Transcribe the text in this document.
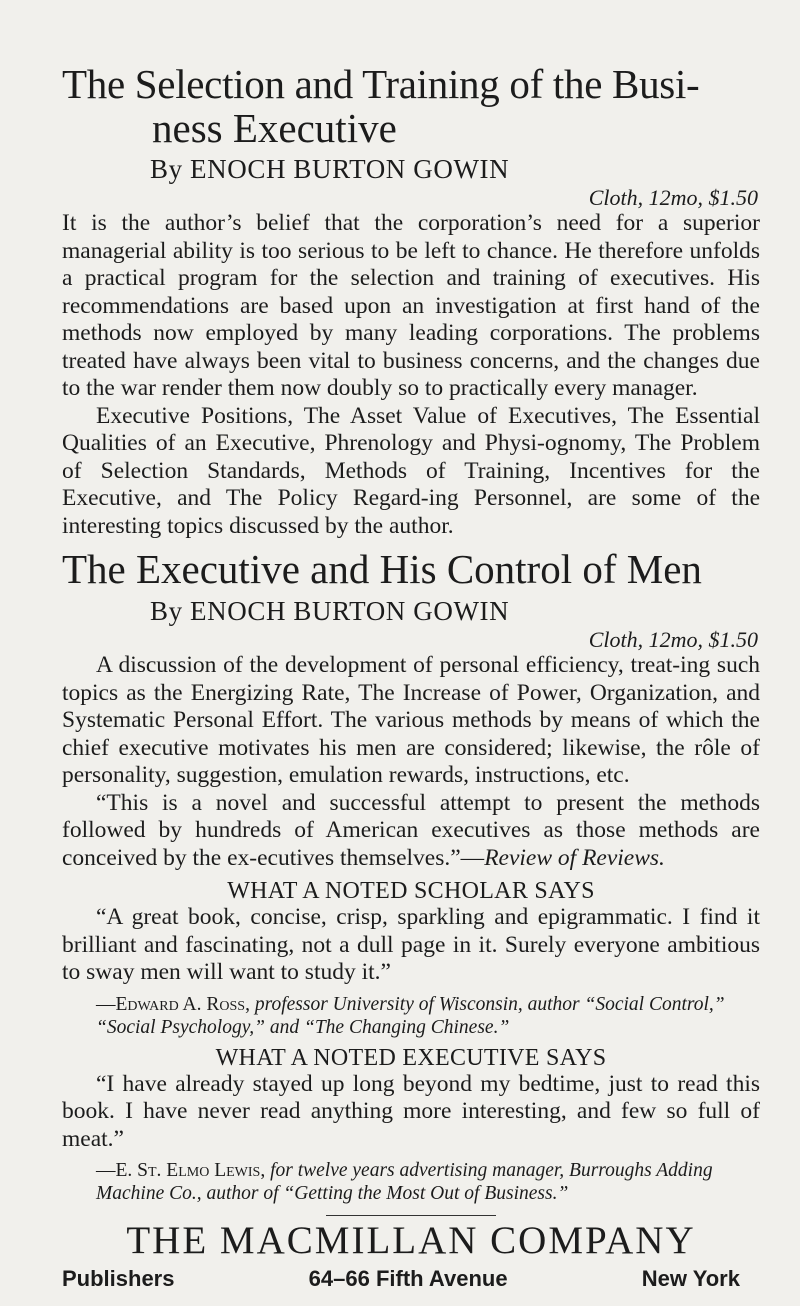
The Selection and Training of the Busi-
ness Executive
By ENOCH BURTON GOWIN
Cloth, 12mo, $1.50

It is the author’s belief that the corporation’s need for a superior managerial ability is too serious to be left to chance. He therefore unfolds a practical program for the selection and training of executives. His recommendations are based upon an investigation at first hand of the methods now employed by many leading corporations. The problems treated have always been vital to business concerns, and the changes due to the war render them now doubly so to practically every manager.

Executive Positions, The Asset Value of Executives, The Essential Qualities of an Executive, Phrenology and Physi-ognomy, The Problem of Selection Standards, Methods of Training, Incentives for the Executive, and The Policy Regard-ing Personnel, are some of the interesting topics discussed by the author.

The Executive and His Control of Men
By ENOCH BURTON GOWIN
Cloth, 12mo, $1.50

A discussion of the development of personal efficiency, treat-ing such topics as the Energizing Rate, The Increase of Power, Organization, and Systematic Personal Effort. The various methods by means of which the chief executive motivates his men are considered; likewise, the rôle of personality, suggestion, emulation rewards, instructions, etc.

“This is a novel and successful attempt to present the methods followed by hundreds of American executives as those methods are conceived by the ex-ecutives themselves.”—Review of Reviews.

WHAT A NOTED SCHOLAR SAYS

“A great book, concise, crisp, sparkling and epigrammatic. I find it brilliant and fascinating, not a dull page in it. Surely everyone ambitious to sway men will want to study it.”

—Edward A. Ross, professor University of Wisconsin, author “Social Control,” “Social Psychology,” and “The Changing Chinese.”

WHAT A NOTED EXECUTIVE SAYS

“I have already stayed up long beyond my bedtime, just to read this book. I have never read anything more interesting, and few so full of meat.”

—E. St. Elmo Lewis, for twelve years advertising manager, Burroughs Adding Machine Co., author of “Getting the Most Out of Business.”

THE MACMILLAN COMPANY
Publishers	64–66 Fifth Avenue	New York
